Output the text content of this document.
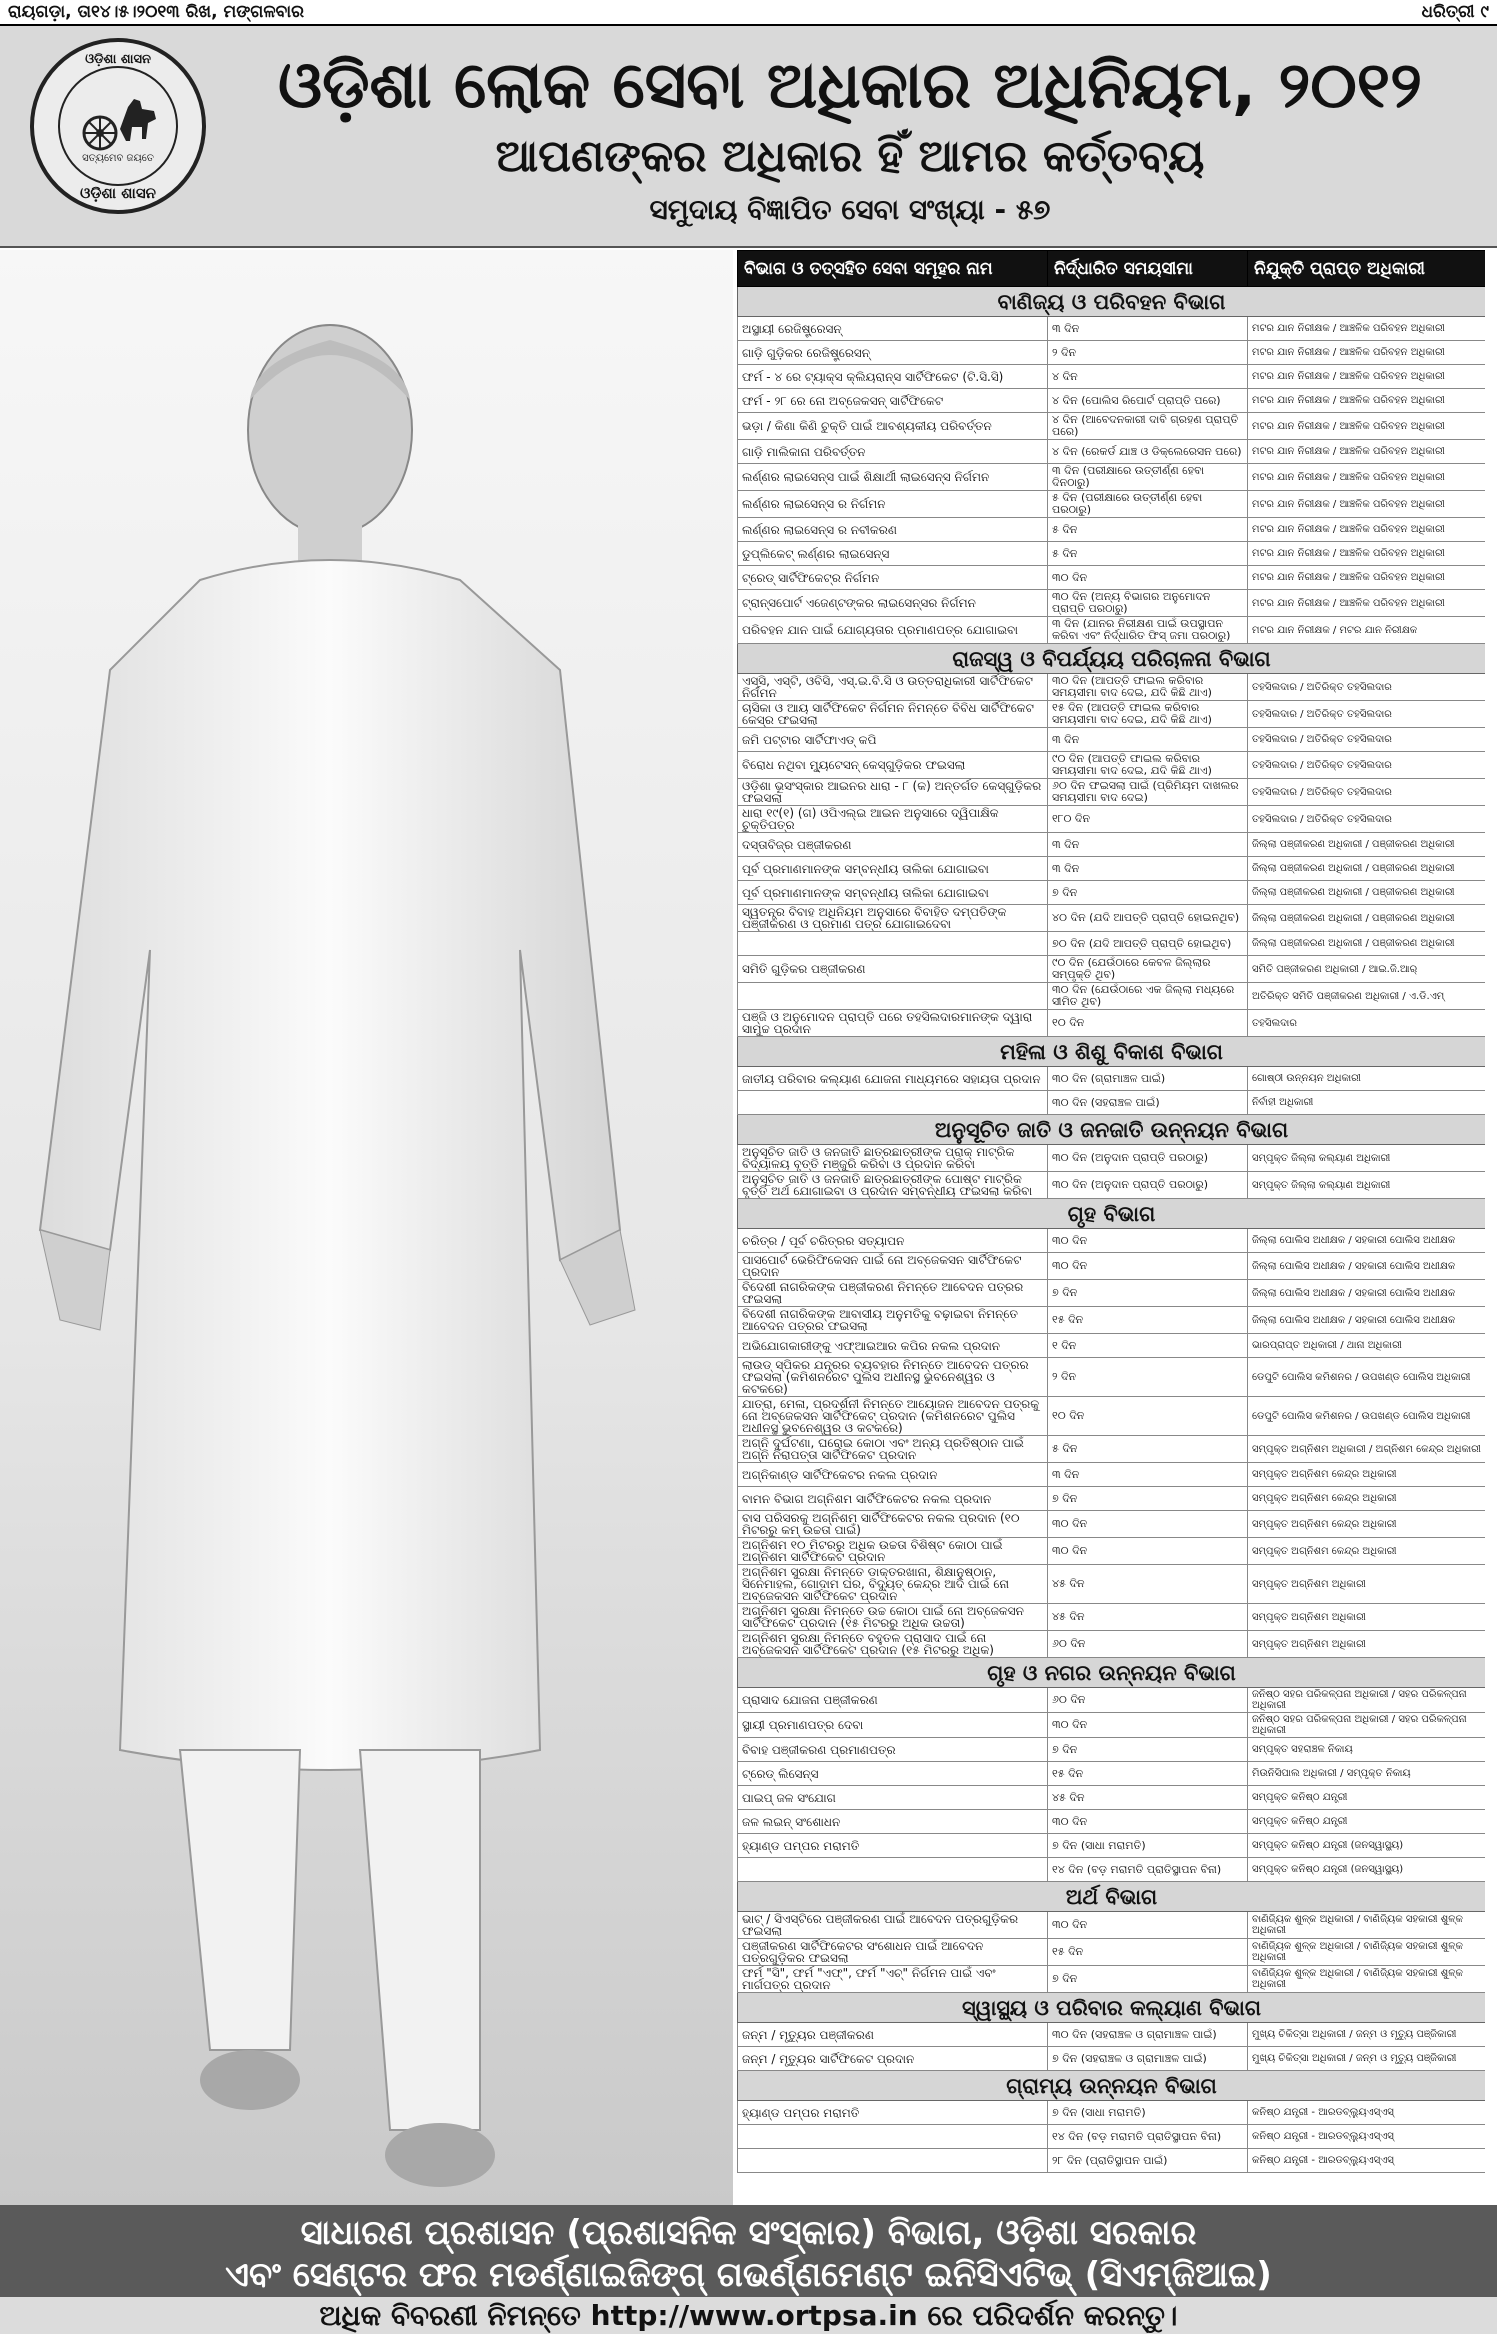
ରାୟଗଡ଼ା, ତା୧୪।୫।୨୦୧୩ ରିଖ, ମଙ୍ଗଳବାର	ଧରିତ୍ରୀ ୯
ଓଡ଼ିଶା ଶାସନ
ସତ୍ୟମେବ ଜୟତେ
ଓଡ଼ିଶା ଶାସନ
ଓଡ଼ିଶା ଲୋକ ସେବା ଅଧିକାର ଅଧିନିୟମ, ୨୦୧୨
ଆପଣଙ୍କର ଅଧିକାର ହିଁ ଆମର କର୍ତ୍ତବ୍ୟ
ସମୁଦାୟ ବିଜ୍ଞାପିତ ସେବା ସଂଖ୍ୟା - ୫୭
ବିଭାଗ ଓ ତତ୍‌ସହିତ ସେବା ସମୂହର ନାମ	ନିର୍ଦ୍ଧାରିତ ସମୟସୀମା	ନିଯୁକ୍ତି ପ୍ରାପ୍ତ ଅଧିକାରୀ
ବାଣିଜ୍ୟ ଓ ପରିବହନ ବିଭାଗ		
ଅସ୍ଥାୟୀ ରେଜିଷ୍ଟ୍ରେସନ୍	୩ ଦିନ	ମଟର ଯାନ ନିରୀକ୍ଷକ / ଆଞ୍ଚଳିକ ପରିବହନ ଅଧିକାରୀ
ଗାଡ଼ି ଗୁଡ଼ିକର ରେଜିଷ୍ଟ୍ରେସନ୍	୨ ଦିନ	ମଟର ଯାନ ନିରୀକ୍ଷକ / ଆଞ୍ଚଳିକ ପରିବହନ ଅଧିକାରୀ
ଫର୍ମ - ୪ ରେ ଟ୍ୟାକ୍ସ କ୍ଲିୟରାନ୍ସ ସାର୍ଟିଫିକେଟ (ଟି.ସି.ସି)	୪ ଦିନ	ମଟର ଯାନ ନିରୀକ୍ଷକ / ଆଞ୍ଚଳିକ ପରିବହନ ଅଧିକାରୀ
ଫର୍ମ - ୨୮ ରେ ନୋ ଅବ୍‌ଜେକସନ୍ ସାର୍ଟିଫିକେଟ	୪ ଦିନ (ପୋଲିସ ରିପୋର୍ଟ ପ୍ରାପ୍ତି ପରେ)	ମଟର ଯାନ ନିରୀକ୍ଷକ / ଆଞ୍ଚଳିକ ପରିବହନ ଅଧିକାରୀ
ଭଡ଼ା / କିଣା କିଣି ଚୁକ୍ତି ପାଇଁ ଆବଶ୍ୟକୀୟ ପରିବର୍ତ୍ତନ	୪ ଦିନ (ଆବେଦନକାରୀ ଦାବି ଗ୍ରହଣ ପ୍ରାପ୍ତି ପରେ)	ମଟର ଯାନ ନିରୀକ୍ଷକ / ଆଞ୍ଚଳିକ ପରିବହନ ଅଧିକାରୀ
ଗାଡ଼ି ମାଲିକାନା ପରିବର୍ତ୍ତନ	୪ ଦିନ (ରେକର୍ଡ ଯାଞ୍ଚ ଓ ଡିକ୍ଲେରେସନ ପରେ)	ମଟର ଯାନ ନିରୀକ୍ଷକ / ଆଞ୍ଚଳିକ ପରିବହନ ଅଧିକାରୀ
ଲର୍ଣ୍ଣର ଲାଇସେନ୍ସ ପାଇଁ ଶିକ୍ଷାର୍ଥୀ ଲାଇସେନ୍ସ ନିର୍ଗମନ	୩ ଦିନ (ପରୀକ୍ଷାରେ ଉତ୍ତୀର୍ଣ୍ଣ ହେବା ଦିନଠାରୁ)	ମଟର ଯାନ ନିରୀକ୍ଷକ / ଆଞ୍ଚଳିକ ପରିବହନ ଅଧିକାରୀ
ଲର୍ଣ୍ଣର ଲାଇସେନ୍ସ ର ନିର୍ଗମନ	୫ ଦିନ (ପରୀକ୍ଷାରେ ଉତ୍ତୀର୍ଣ୍ଣ ହେବା ପରଠାରୁ)	ମଟର ଯାନ ନିରୀକ୍ଷକ / ଆଞ୍ଚଳିକ ପରିବହନ ଅଧିକାରୀ
ଲର୍ଣ୍ଣର ଲାଇସେନ୍ସ ର ନବୀକରଣ	୫ ଦିନ	ମଟର ଯାନ ନିରୀକ୍ଷକ / ଆଞ୍ଚଳିକ ପରିବହନ ଅଧିକାରୀ
ଡୁପ୍ଲିକେଟ୍ ଲର୍ଣ୍ଣର ଲାଇସେନ୍ସ	୫ ଦିନ	ମଟର ଯାନ ନିରୀକ୍ଷକ / ଆଞ୍ଚଳିକ ପରିବହନ ଅଧିକାରୀ
ଟ୍ରେଡ୍ ସାର୍ଟିଫିକେଟ୍‌ର ନିର୍ଗମନ	୩୦ ଦିନ	ମଟର ଯାନ ନିରୀକ୍ଷକ / ଆଞ୍ଚଳିକ ପରିବହନ ଅଧିକାରୀ
ଟ୍ରାନ୍ସପୋର୍ଟ ଏଜେଣ୍ଟଙ୍କର ଲାଇସେନ୍ସର ନିର୍ଗମନ	୩୦ ଦିନ (ଅନ୍ୟ ବିଭାଗର ଅନୁମୋଦନ ପ୍ରାପ୍ତି ପରଠାରୁ)	ମଟର ଯାନ ନିରୀକ୍ଷକ / ଆଞ୍ଚଳିକ ପରିବହନ ଅଧିକାରୀ
ପରିବହନ ଯାନ ପାଇଁ ଯୋଗ୍ୟତାର ପ୍ରମାଣପତ୍ର ଯୋଗାଇବା	୩ ଦିନ (ଯାନର ନିରୀକ୍ଷଣ ପାଇଁ ଉପସ୍ଥାପନ କରିବା ଏବଂ ନିର୍ଦ୍ଧାରିତ ଫିସ୍ ଜମା ପରଠାରୁ)	ମଟର ଯାନ ନିରୀକ୍ଷକ / ମଟର ଯାନ ନିରୀକ୍ଷକ
ରାଜସ୍ୱ ଓ ବିପର୍ଯ୍ୟୟ ପରିଚାଳନା ବିଭାଗ		
ଏସ୍‌ସି, ଏସ୍‌ଟି, ଓବିସି, ଏସ୍.ଇ.ବି.ସି ଓ ଉତ୍ତରାଧିକାରୀ ସାର୍ଟିଫିକେଟ ନିର୍ଗମନ	୩୦ ଦିନ (ଆପତ୍ତି ଫାଇଲ କରିବାର ସମୟସୀମା ବାଦ ଦେଇ, ଯଦି କିଛି ଥାଏ)	ତହସିଲଦାର / ଅତିରିକ୍ତ ତହସିଲଦାର
ଚାସିକା ଓ ଆୟ ସାର୍ଟିଫିକେଟ ନିର୍ଗମନ ନିମନ୍ତେ ବିବିଧ ସାର୍ଟିଫିକେଟ କେସ୍‌ର ଫଇସଲା	୧୫ ଦିନ (ଆପତ୍ତି ଫାଇଲ କରିବାର ସମୟସୀମା ବାଦ ଦେଇ, ଯଦି କିଛି ଥାଏ)	ତହସିଲଦାର / ଅତିରିକ୍ତ ତହସିଲଦାର
ଜମି ପଟ୍ଟାର ସାର୍ଟିଫାଏଡ୍ କପି	୩ ଦିନ	ତହସିଲଦାର / ଅତିରିକ୍ତ ତହସିଲଦାର
ବିରୋଧ ନଥିବା ମ୍ୟୁଟେସନ୍ କେସ୍‌ଗୁଡ଼ିକର ଫଇସଲା	୯୦ ଦିନ (ଆପତ୍ତି ଫାଇଲ କରିବାର ସମୟସୀମା ବାଦ ଦେଇ, ଯଦି କିଛି ଥାଏ)	ତହସିଲଦାର / ଅତିରିକ୍ତ ତହସିଲଦାର
ଓଡ଼ିଶା ଭୂସଂସ୍କାର ଆଇନର ଧାରା - ୮ (କ) ଅନ୍ତର୍ଗତ କେସ୍‌ଗୁଡ଼ିକର ଫଇସଲା	୬୦ ଦିନ ଫଇସଲା ପାଇଁ (ପ୍ରିମିୟମ ଦାଖଲର ସମୟସୀମା ବାଦ ଦେଇ)	ତହସିଲଦାର / ଅତିରିକ୍ତ ତହସିଲଦାର
ଧାରା ୧୯(୧) (ଗ) ଓପିଏଲ୍‌ଇ ଆଇନ ଅନୁସାରେ ଦ୍ୱିପାକ୍ଷିକ ଚୁକ୍ତିପତ୍ର	୧୮୦ ଦିନ	ତହସିଲଦାର / ଅତିରିକ୍ତ ତହସିଲଦାର
ଦସ୍ତାବିଜ୍‌ର ପଞ୍ଜୀକରଣ	୩ ଦିନ	ଜିଲ୍ଲା ପଞ୍ଜୀକରଣ ଅଧିକାରୀ / ପଞ୍ଜୀକରଣ ଅଧିକାରୀ
ପୂର୍ବ ପ୍ରମାଣମାନଙ୍କ ସମ୍ବନ୍ଧୀୟ ତାଲିକା ଯୋଗାଇବା	୩ ଦିନ	ଜିଲ୍ଲା ପଞ୍ଜୀକରଣ ଅଧିକାରୀ / ପଞ୍ଜୀକରଣ ଅଧିକାରୀ
ପୂର୍ବ ପ୍ରମାଣମାନଙ୍କ ସମ୍ବନ୍ଧୀୟ ତାଲିକା ଯୋଗାଇବା	୭ ଦିନ	ଜିଲ୍ଲା ପଞ୍ଜୀକରଣ ଅଧିକାରୀ / ପଞ୍ଜୀକରଣ ଅଧିକାରୀ
ସ୍ୱତନ୍ତ୍ର ବିବାହ ଅଧିନିୟମ ଅନୁସାରେ ବିବାହିତ ଦମ୍ପତିଙ୍କ ପଞ୍ଜୀକରଣ ଓ ପ୍ରମାଣ ପତ୍ର ଯୋଗାଇଦେବା	୪୦ ଦିନ (ଯଦି ଆପତ୍ତି ପ୍ରାପ୍ତି ହୋଇନଥିବ)	ଜିଲ୍ଲା ପଞ୍ଜୀକରଣ ଅଧିକାରୀ / ପଞ୍ଜୀକରଣ ଅଧିକାରୀ
	୭୦ ଦିନ (ଯଦି ଆପତ୍ତି ପ୍ରାପ୍ତି ହୋଇଥିବ)	ଜିଲ୍ଲା ପଞ୍ଜୀକରଣ ଅଧିକାରୀ / ପଞ୍ଜୀକରଣ ଅଧିକାରୀ
ସମିତି ଗୁଡ଼ିକର ପଞ୍ଜୀକରଣ	୯୦ ଦିନ (ଯେଉଁଠାରେ କେବଳ ଜିଲ୍ଲାର ସମ୍ପୃକ୍ତି ଥିବ)	ସମିତି ପଞ୍ଜୀକରଣ ଅଧିକାରୀ / ଆଇ.ଜି.ଆର୍
	୩୦ ଦିନ (ଯେଉଁଠାରେ ଏକ ଜିଲ୍ଲା ମଧ୍ୟରେ ସୀମିତ ଥିବ)	ଅତିରିକ୍ତ ସମିତି ପଞ୍ଜୀକରଣ ଅଧିକାରୀ / ଏ.ଡି.ଏମ୍
ପଞ୍ଜି ଓ ଅନୁମୋଦନ ପ୍ରାପ୍ତି ପରେ ତହସିଲଦାରମାନଙ୍କ ଦ୍ୱାରା ସାମୁଚ୍ଚ ପ୍ରଦାନ	୧୦ ଦିନ	ତହସିଲଦାର
ମହିଳା ଓ ଶିଶୁ ବିକାଶ ବିଭାଗ		
ଜାତୀୟ ପରିବାର କଲ୍ୟାଣ ଯୋଜନା ମାଧ୍ୟମରେ ସହାୟତା ପ୍ରଦାନ	୩୦ ଦିନ (ଗ୍ରାମାଞ୍ଚଳ ପାଇଁ)	ଗୋଷ୍ଠୀ ଉନ୍ନୟନ ଅଧିକାରୀ
	୩୦ ଦିନ (ସହରାଞ୍ଚଳ ପାଇଁ)	ନିର୍ବାହୀ ଅଧିକାରୀ
ଅନୁସୂଚିତ ଜାତି ଓ ଜନଜାତି ଉନ୍ନୟନ ବିଭାଗ		
ଅନୁସୂଚିତ ଜାତି ଓ ଜନଜାତି ଛାତ୍ରଛାତ୍ରୀଙ୍କ ପ୍ରାକ୍ ମାଟ୍ରିକ ବିଦ୍ୟାଳୟ ବୃତ୍ତି ମଞ୍ଜୁରି କରିବା ଓ ପ୍ରଦାନ କରିବା	୩୦ ଦିନ (ଅନୁଦାନ ପ୍ରାପ୍ତି ପରଠାରୁ)	ସମ୍ପୃକ୍ତ ଜିଲ୍ଲା କଲ୍ୟାଣ ଅଧିକାରୀ
ଅନୁସୂଚିତ ଜାତି ଓ ଜନଜାତି ଛାତ୍ରଛାତ୍ରୀଙ୍କ ପୋଷ୍ଟ ମାଟ୍ରିକ ବୃତ୍ତି ଅର୍ଥ ଯୋଗାଇବା ଓ ପ୍ରଦାନ ସମ୍ବନ୍ଧୀୟ ଫଇସଲା କରିବା	୩୦ ଦିନ (ଅନୁଦାନ ପ୍ରାପ୍ତି ପରଠାରୁ)	ସମ୍ପୃକ୍ତ ଜିଲ୍ଲା କଲ୍ୟାଣ ଅଧିକାରୀ
ଗୃହ ବିଭାଗ		
ଚରିତ୍ର / ପୂର୍ବ ଚରିତ୍ରର ସତ୍ୟାପନ	୩୦ ଦିନ	ଜିଲ୍ଲା ପୋଲିସ ଅଧୀକ୍ଷକ / ସହକାରୀ ପୋଲିସ ଅଧୀକ୍ଷକ
ପାସପୋର୍ଟ ଭେରିଫିକେସନ ପାଇଁ ନୋ ଅବ୍‌ଜେକସନ ସାର୍ଟିଫିକେଟ ପ୍ରଦାନ	୩୦ ଦିନ	ଜିଲ୍ଲା ପୋଲିସ ଅଧୀକ୍ଷକ / ସହକାରୀ ପୋଲିସ ଅଧୀକ୍ଷକ
ବିଦେଶୀ ନାଗରିକଙ୍କ ପଞ୍ଜୀକରଣ ନିମନ୍ତେ ଆବେଦନ ପତ୍ରର ଫଇସଲା	୭ ଦିନ	ଜିଲ୍ଲା ପୋଲିସ ଅଧୀକ୍ଷକ / ସହକାରୀ ପୋଲିସ ଅଧୀକ୍ଷକ
ବିଦେଶୀ ନାଗରିକଙ୍କ ଆବାସୀୟ ଅନୁମତିକୁ ବଢ଼ାଇବା ନିମନ୍ତେ ଆବେଦନ ପତ୍ରର ଫଇସଲା	୧୫ ଦିନ	ଜିଲ୍ଲା ପୋଲିସ ଅଧୀକ୍ଷକ / ସହକାରୀ ପୋଲିସ ଅଧୀକ୍ଷକ
ଅଭିଯୋଗକାରୀଙ୍କୁ ଏଫ୍‌ଆଇଆର କପିର ନକଲ ପ୍ରଦାନ	୧ ଦିନ	ଭାରପ୍ରାପ୍ତ ଅଧିକାରୀ / ଥାନା ଅଧିକାରୀ
ଲାଉଡ୍ ସ୍ପିକର ଯନ୍ତ୍ରର ବ୍ୟବହାର ନିମନ୍ତେ ଆବେଦନ ପତ୍ରର ଫଇସଲା (କମିଶନରେଟ ପୁଲିସ ଅଧୀନସ୍ଥ ଭୁବନେଶ୍ୱର ଓ କଟକରେ)	୨ ଦିନ	ଡେପୁଟି ପୋଲିସ କମିଶନର / ଉପଖଣ୍ଡ ପୋଲିସ ଅଧିକାରୀ
ଯାତ୍ରା, ମେଳା, ପ୍ରଦର୍ଶନୀ ନିମନ୍ତେ ଆୟୋଜନ ଆବେଦନ ପତ୍ରକୁ ନୋ ଅବ୍‌ଜେକସନ ସାର୍ଟିଫିକେଟ୍ ପ୍ରଦାନ (କମିଶନରେଟ ପୁଲିସ ଅଧୀନସ୍ଥ ଭୁବନେଶ୍ୱର ଓ କଟକରେ)	୧୦ ଦିନ	ଡେପୁଟି ପୋଲିସ କମିଶନର / ଉପଖଣ୍ଡ ପୋଲିସ ଅଧିକାରୀ
ଅଗ୍ନି ଦୁର୍ଘଟଣା, ଘରୋଇ କୋଠା ଏବଂ ଅନ୍ୟ ପ୍ରତିଷ୍ଠାନ ପାଇଁ ଅଗ୍ନି ନିରାପତ୍ତା ସାର୍ଟିଫିକେଟ ପ୍ରଦାନ	୫ ଦିନ	ସମ୍ପୃକ୍ତ ଅଗ୍ନିଶମ ଅଧିକାରୀ / ଅଗ୍ନିଶମ କେନ୍ଦ୍ର ଅଧିକାରୀ
ଅଗ୍ନିକାଣ୍ଡ ସାର୍ଟିଫିକେଟର ନକଲ ପ୍ରଦାନ	୩ ଦିନ	ସମ୍ପୃକ୍ତ ଅଗ୍ନିଶମ କେନ୍ଦ୍ର ଅଧିକାରୀ
ବାମନ ବିଭାଗ ଅଗ୍ନିଶମ ସାର୍ଟିଫିକେଟର ନକଲ ପ୍ରଦାନ	୭ ଦିନ	ସମ୍ପୃକ୍ତ ଅଗ୍ନିଶମ କେନ୍ଦ୍ର ଅଧିକାରୀ
ବାସ ପରିସରକୁ ଅଗ୍ନିଶମ ସାର୍ଟିଫିକେଟର ନକଲ ପ୍ରଦାନ (୧୦ ମିଟରରୁ କମ୍ ଉଚ୍ଚତା ପାଇଁ)	୩୦ ଦିନ	ସମ୍ପୃକ୍ତ ଅଗ୍ନିଶମ କେନ୍ଦ୍ର ଅଧିକାରୀ
ଅଗ୍ନିଶମ ୧୦ ମିଟରରୁ ଅଧିକ ଉଚ୍ଚତା ବିଶିଷ୍ଟ କୋଠା ପାଇଁ ଅଗ୍ନିଶମ ସାର୍ଟିଫିକେଟ ପ୍ରଦାନ	୩୦ ଦିନ	ସମ୍ପୃକ୍ତ ଅଗ୍ନିଶମ କେନ୍ଦ୍ର ଅଧିକାରୀ
ଅଗ୍ନିଶମ ସୁରକ୍ଷା ନିମନ୍ତେ ଡାକ୍ତରଖାନା, ଶିକ୍ଷାନୁଷ୍ଠାନ, ସିନେମାହଲ, ଗୋଦାମ ଘର, ବିଦ୍ୟୁତ୍ କେନ୍ଦ୍ର ଆଦି ପାଇଁ ନୋ ଅବ୍‌ଜେକସନ ସାର୍ଟିଫିକେଟ ପ୍ରଦାନ	୪୫ ଦିନ	ସମ୍ପୃକ୍ତ ଅଗ୍ନିଶମ ଅଧିକାରୀ
ଅଗ୍ନିଶମ ସୁରକ୍ଷା ନିମନ୍ତେ ଉଚ୍ଚ କୋଠା ପାଇଁ ନୋ ଅବ୍‌ଜେକସନ ସାର୍ଟିଫିକେଟ ପ୍ରଦାନ (୧୫ ମିଟରରୁ ଅଧିକ ଉଚ୍ଚତା)	୪୫ ଦିନ	ସମ୍ପୃକ୍ତ ଅଗ୍ନିଶମ ଅଧିକାରୀ
ଅଗ୍ନିଶମ ସୁରକ୍ଷା ନିମନ୍ତେ ବହୁତଳ ପ୍ରାସାଦ ପାଇଁ ନୋ ଅବ୍‌ଜେକସନ ସାର୍ଟିଫିକେଟ ପ୍ରଦାନ (୧୫ ମିଟରରୁ ଅଧିକ)	୬୦ ଦିନ	ସମ୍ପୃକ୍ତ ଅଗ୍ନିଶମ ଅଧିକାରୀ
ଗୃହ ଓ ନଗର ଉନ୍ନୟନ ବିଭାଗ		
ପ୍ରାସାଦ ଯୋଜନା ପଞ୍ଜୀକରଣ	୬୦ ଦିନ	ଜନିଷ୍ଠ ସହର ପରିକଳ୍ପନା ଅଧିକାରୀ / ସହର ପରିକଳ୍ପନା ଅଧିକାରୀ
ସ୍ଥାୟୀ ପ୍ରମାଣପତ୍ର ଦେବା	୩୦ ଦିନ	ଜନିଷ୍ଠ ସହର ପରିକଳ୍ପନା ଅଧିକାରୀ / ସହର ପରିକଳ୍ପନା ଅଧିକାରୀ
ବିବାହ ପଞ୍ଜୀକରଣ ପ୍ରମାଣପତ୍ର	୭ ଦିନ	ସମ୍ପୃକ୍ତ ସହରାଞ୍ଚଳ ନିକାୟ
ଟ୍ରେଡ୍ ଲିସେନ୍ସ	୧୫ ଦିନ	ମିଉନିସିପାଲ ଅଧିକାରୀ / ସମ୍ପୃକ୍ତ ନିକାୟ
ପାଇପ୍ ଜଳ ସଂଯୋଗ	୪୫ ଦିନ	ସମ୍ପୃକ୍ତ କନିଷ୍ଠ ଯନ୍ତ୍ରୀ
ଜଳ ଲଇନ୍ ସଂଶୋଧନ	୩୦ ଦିନ	ସମ୍ପୃକ୍ତ କନିଷ୍ଠ ଯନ୍ତ୍ରୀ
ହ୍ୟାଣ୍ଡ ପମ୍ପର ମରାମତି	୭ ଦିନ (ସାଧା ମରାମତି)	ସମ୍ପୃକ୍ତ କନିଷ୍ଠ ଯନ୍ତ୍ରୀ (ଜନସ୍ୱାସ୍ଥ୍ୟ)
	୧୪ ଦିନ (ବଡ଼ ମରାମତି ପ୍ରାତିସ୍ଥାପନ ବିନା)	ସମ୍ପୃକ୍ତ କନିଷ୍ଠ ଯନ୍ତ୍ରୀ (ଜନସ୍ୱାସ୍ଥ୍ୟ)
ଅର୍ଥ ବିଭାଗ		
ଭାଟ୍ / ସିଏସ୍‌ଟିରେ ପଞ୍ଜୀକରଣ ପାଇଁ ଆବେଦନ ପତ୍ରଗୁଡ଼ିକର ଫଇସଲା	୩୦ ଦିନ	ବାଣିଜ୍ୟିକ ଶୁଳ୍କ ଅଧିକାରୀ / ବାଣିଜ୍ୟିକ ସହକାରୀ ଶୁଳ୍କ ଅଧିକାରୀ
ପଞ୍ଜୀକରଣ ସାର୍ଟିଫିକେଟର ସଂଶୋଧନ ପାଇଁ ଆବେଦନ ପତ୍ରଗୁଡ଼ିକର ଫଇସଲା	୧୫ ଦିନ	ବାଣିଜ୍ୟିକ ଶୁଳ୍କ ଅଧିକାରୀ / ବାଣିଜ୍ୟିକ ସହକାରୀ ଶୁଳ୍କ ଅଧିକାରୀ
ଫର୍ମ "ସି", ଫର୍ମ "ଏଫ୍", ଫର୍ମ "ଏଚ୍" ନିର୍ଗମନ ପାଇଁ ଏବଂ ମାର୍ଗପତ୍ର ପ୍ରଦାନ	୭ ଦିନ	ବାଣିଜ୍ୟିକ ଶୁଳ୍କ ଅଧିକାରୀ / ବାଣିଜ୍ୟିକ ସହକାରୀ ଶୁଳ୍କ ଅଧିକାରୀ
ସ୍ୱାସ୍ଥ୍ୟ ଓ ପରିବାର କଲ୍ୟାଣ ବିଭାଗ		
ଜନ୍ମ / ମୃତ୍ୟୁର ପଞ୍ଜୀକରଣ	୩୦ ଦିନ (ସହରାଞ୍ଚଳ ଓ ଗ୍ରାମାଞ୍ଚଳ ପାଇଁ)	ମୁଖ୍ୟ ଚିକିତ୍ସା ଅଧିକାରୀ / ଜନ୍ମ ଓ ମୃତ୍ୟୁ ପଞ୍ଜିକାରୀ
ଜନ୍ମ / ମୃତ୍ୟୁର ସାର୍ଟିଫିକେଟ ପ୍ରଦାନ	୭ ଦିନ (ସହରାଞ୍ଚଳ ଓ ଗ୍ରାମାଞ୍ଚଳ ପାଇଁ)	ମୁଖ୍ୟ ଚିକିତ୍ସା ଅଧିକାରୀ / ଜନ୍ମ ଓ ମୃତ୍ୟୁ ପଞ୍ଜିକାରୀ
ଗ୍ରାମ୍ୟ ଉନ୍ନୟନ ବିଭାଗ		
ହ୍ୟାଣ୍ଡ ପମ୍ପର ମରାମତି	୭ ଦିନ (ସାଧା ମରାମତି)	କନିଷ୍ଠ ଯନ୍ତ୍ରୀ - ଆରଡବ୍ଲ୍ୟୁଏସ୍‌ଏସ୍
	୧୪ ଦିନ (ବଡ଼ ମରାମତି ପ୍ରାତିସ୍ଥାପନ ବିନା)	କନିଷ୍ଠ ଯନ୍ତ୍ରୀ - ଆରଡବ୍ଲ୍ୟୁଏସ୍‌ଏସ୍
	୨୮ ଦିନ (ପ୍ରାତିସ୍ଥାପନ ପାଇଁ)	କନିଷ୍ଠ ଯନ୍ତ୍ରୀ - ଆରଡବ୍ଲ୍ୟୁଏସ୍‌ଏସ୍
ସାଧାରଣ ପ୍ରଶାସନ (ପ୍ରଶାସନିକ ସଂସ୍କାର) ବିଭାଗ, ଓଡ଼ିଶା ସରକାର
ଏବଂ ସେଣ୍ଟର ଫର ମଡର୍ଣ୍ଣାଇଜିଙ୍ଗ୍ ଗଭର୍ଣ୍ଣମେଣ୍ଟ ଇନିସିଏଟିଭ୍ (ସିଏମ୍‌ଜିଆଇ)
ଅଧିକ ବିବରଣୀ ନିମନ୍ତେ http://www.ortpsa.in ରେ ପରିଦର୍ଶନ କରନ୍ତୁ।
